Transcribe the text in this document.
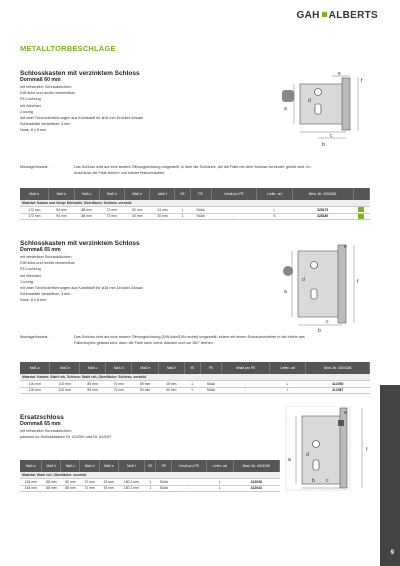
GAH ALBERTS
METALLTORBESCHLÄGE
Schlosskasten mit verzinktem Schloss
Dornmaß 60 mm
mit versenkter Schraublöchern
DIN links und rechts verwendbar
PZ-Lochung
mit Wechsel
2-tourig
mit zwei Türdrückerführungen aus Kunststoff für ø18 mm Drücker-Ansatz
Schlossfalle verstellbar: 3 mm
Nuss: 8 x 8 mm
Montagehinweis:	Das Schloss wird auf eine andere Öffnungsrichtung umgestellt, in dem die Schraube, die die Falle mit dem Schloss verbindet, gelöst wird. Im Anschluss die Falle drehen und wieder festschrauben.
a
b
c
d
e
f
Maß a	Maß b	Maß c	Maß d	Maß e	Maß f	VE	PE	Inhalt pro PE	Liefer- art	Best.-Nr. 4004336	
Material: Kasten und Stulp: Edelstahl, Oberfläche: Schloss: verzinkt											
172 mm	94 mm	88 mm	72 mm	50 mm	24 mm	1	Stück	-	L	328173	
172 mm	94 mm	88 mm	72 mm	40 mm	30 mm	1	Stück	-	S	328180	
Schlosskasten mit verzinktem Schloss
Dornmaß 65 mm
mit versenkter Schraublöchern
DIN links und rechts verwendbar
PZ-Lochung
mit Wechsel
1-tourig
mit zwei Türdrückerführungen aus Kunststoff für ø18 mm Drücker-Ansatz
Schlossfalle verstellbar: 3 mm
Nuss: 8 x 8 mm
Montagehinweis:	Das Schloss wird auf eine andere Öffnungsrichtung (DIN links/DIN rechts) umgestellt, indem mit einem Schraubenzieher in die Kerbe des Fallenkopfes gefasst wird, dann die Falle nach vorne drücken und um 180° drehen.
a
b
c
d
e
f
Maß a	Maß b	Maß c	Maß d	Maß e	Maß f	VE	PE	Inhalt pro PE	Liefer- art	Best.-Nr. 4004336
Material: Kasten: Stahl roh, Schloss: Stahl roh, Oberfläche: Schloss: verzinkt										
100 mm	100 mm	85 mm	70 mm	55 mm	45 mm	1	Stück	-	L	412050
100 mm	100 mm	85 mm	70 mm	60 mm	50 mm	1	Stück	-	L	412067
Ersatzschloss
Dornmaß 65 mm
mit versenkter Schraublöchern
passend zu Schlosskasten Nr. 412050 und Nr. 412067
a
b c
d
e
f
Maß a	Maß b	Maß c	Maß d	Maß e	Maß f	VE	PE	Inhalt pro PE	Liefer- art	Best.-Nr. 4004336
Material: Stahl roh, Oberfläche: verzinkt										
164 mm	88 mm	85 mm	72 mm	43 mm	180,2 mm	1	Stück	-	L	412036
164 mm	88 mm	85 mm	72 mm	53 mm	180,2 mm	1	Stück	-	L	412043
9
